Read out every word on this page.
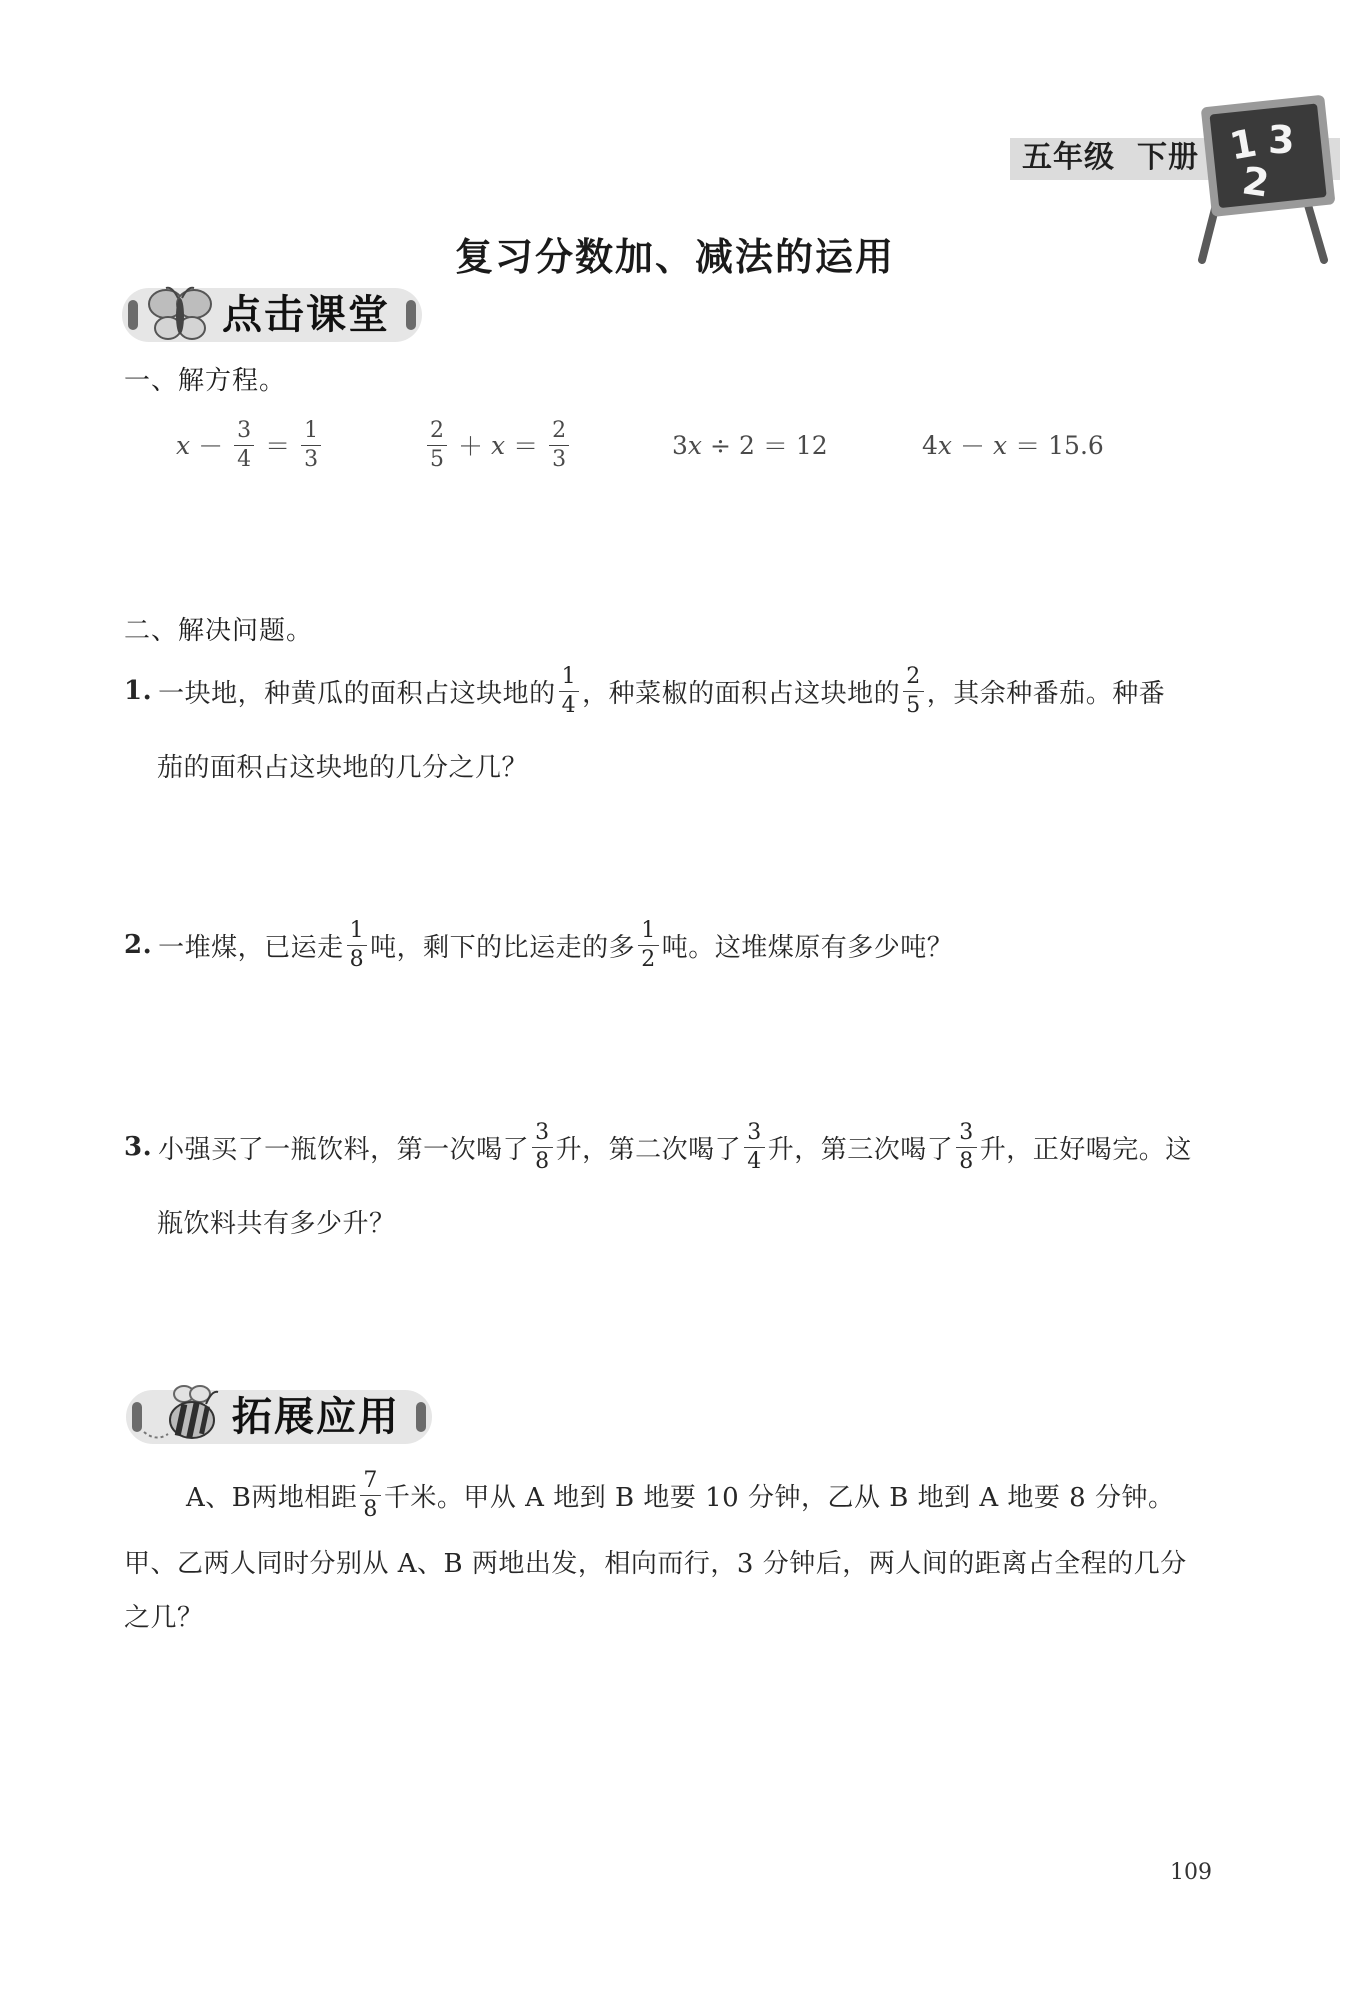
五年级 下册 1 3
2
复习分数加、减法的运用
点击课堂
一、解方程。
$x - \frac{3}{4} = \frac{1}{3}$	$\frac{2}{5} + x = \frac{2}{3}$	3 x ÷ 2 ＝ 12	4 x － x ＝ 15.6
二、解决问题。
1. 一块地，种黄瓜的面积占这块地的 $\frac{1}{4}$ ，种菜椒的面积占这块地的 $\frac{2}{5}$ ，其余种番茄。种番
茄的面积占这块地的几分之几？
2. 一堆煤，已运走 $\frac{1}{8}$ 吨，剩下的比运走的多 $\frac{1}{2}$ 吨。这堆煤原有多少吨？
3. 小强买了一瓶饮料，第一次喝了 $\frac{3}{8}$ 升，第二次喝了 $\frac{3}{4}$ 升，第三次喝了 $\frac{3}{8}$ 升，正好喝完。这
瓶饮料共有多少升？
拓展应用
A、B两地相距 $\frac{7}{8}$ 千米。甲从 A 地到 B 地要 10 分钟，乙从 B 地到 A 地要 8 分钟。
甲、乙两人同时分别从 A、B 两地出发，相向而行，3 分钟后，两人间的距离占全程的几分
之几？
109
